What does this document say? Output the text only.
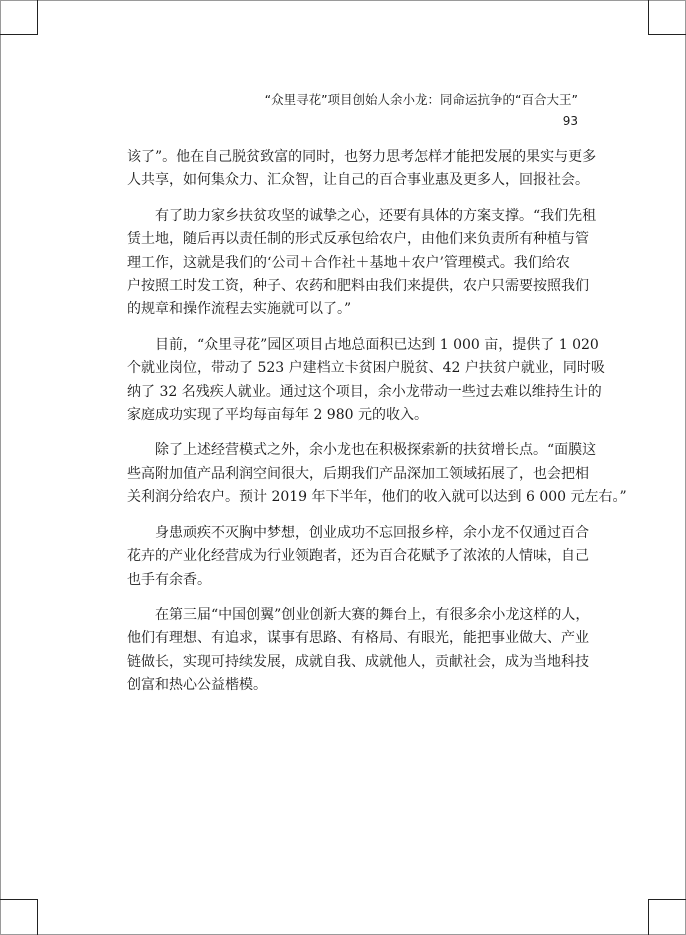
“众里寻花”项目创始人余小龙：同命运抗争的“百合大王”
93

该了”。他在自己脱贫致富的同时，也努力思考怎样才能把发展的果实与更多
人共享，如何集众力、汇众智，让自己的百合事业惠及更多人，回报社会。

有了助力家乡扶贫攻坚的诚挚之心，还要有具体的方案支撑。“我们先租
赁土地，随后再以责任制的形式反承包给农户，由他们来负责所有种植与管
理工作，这就是我们的‘公司＋合作社＋基地＋农户’管理模式。我们给农
户按照工时发工资，种子、农药和肥料由我们来提供，农户只需要按照我们
的规章和操作流程去实施就可以了。”

目前，“众里寻花”园区项目占地总面积已达到 1 000 亩，提供了 1 020
个就业岗位，带动了 523 户建档立卡贫困户脱贫、42 户扶贫户就业，同时吸
纳了 32 名残疾人就业。通过这个项目，余小龙带动一些过去难以维持生计的
家庭成功实现了平均每亩每年 2 980 元的收入。

除了上述经营模式之外，余小龙也在积极探索新的扶贫增长点。“面膜这
些高附加值产品利润空间很大，后期我们产品深加工领域拓展了，也会把相
关利润分给农户。预计 2019 年下半年，他们的收入就可以达到 6 000 元左右。”

身患顽疾不灭胸中梦想，创业成功不忘回报乡梓，余小龙不仅通过百合
花卉的产业化经营成为行业领跑者，还为百合花赋予了浓浓的人情味，自己
也手有余香。

在第三届“中国创翼”创业创新大赛的舞台上，有很多余小龙这样的人，
他们有理想、有追求，谋事有思路、有格局、有眼光，能把事业做大、产业
链做长，实现可持续发展，成就自我、成就他人，贡献社会，成为当地科技
创富和热心公益楷模。
